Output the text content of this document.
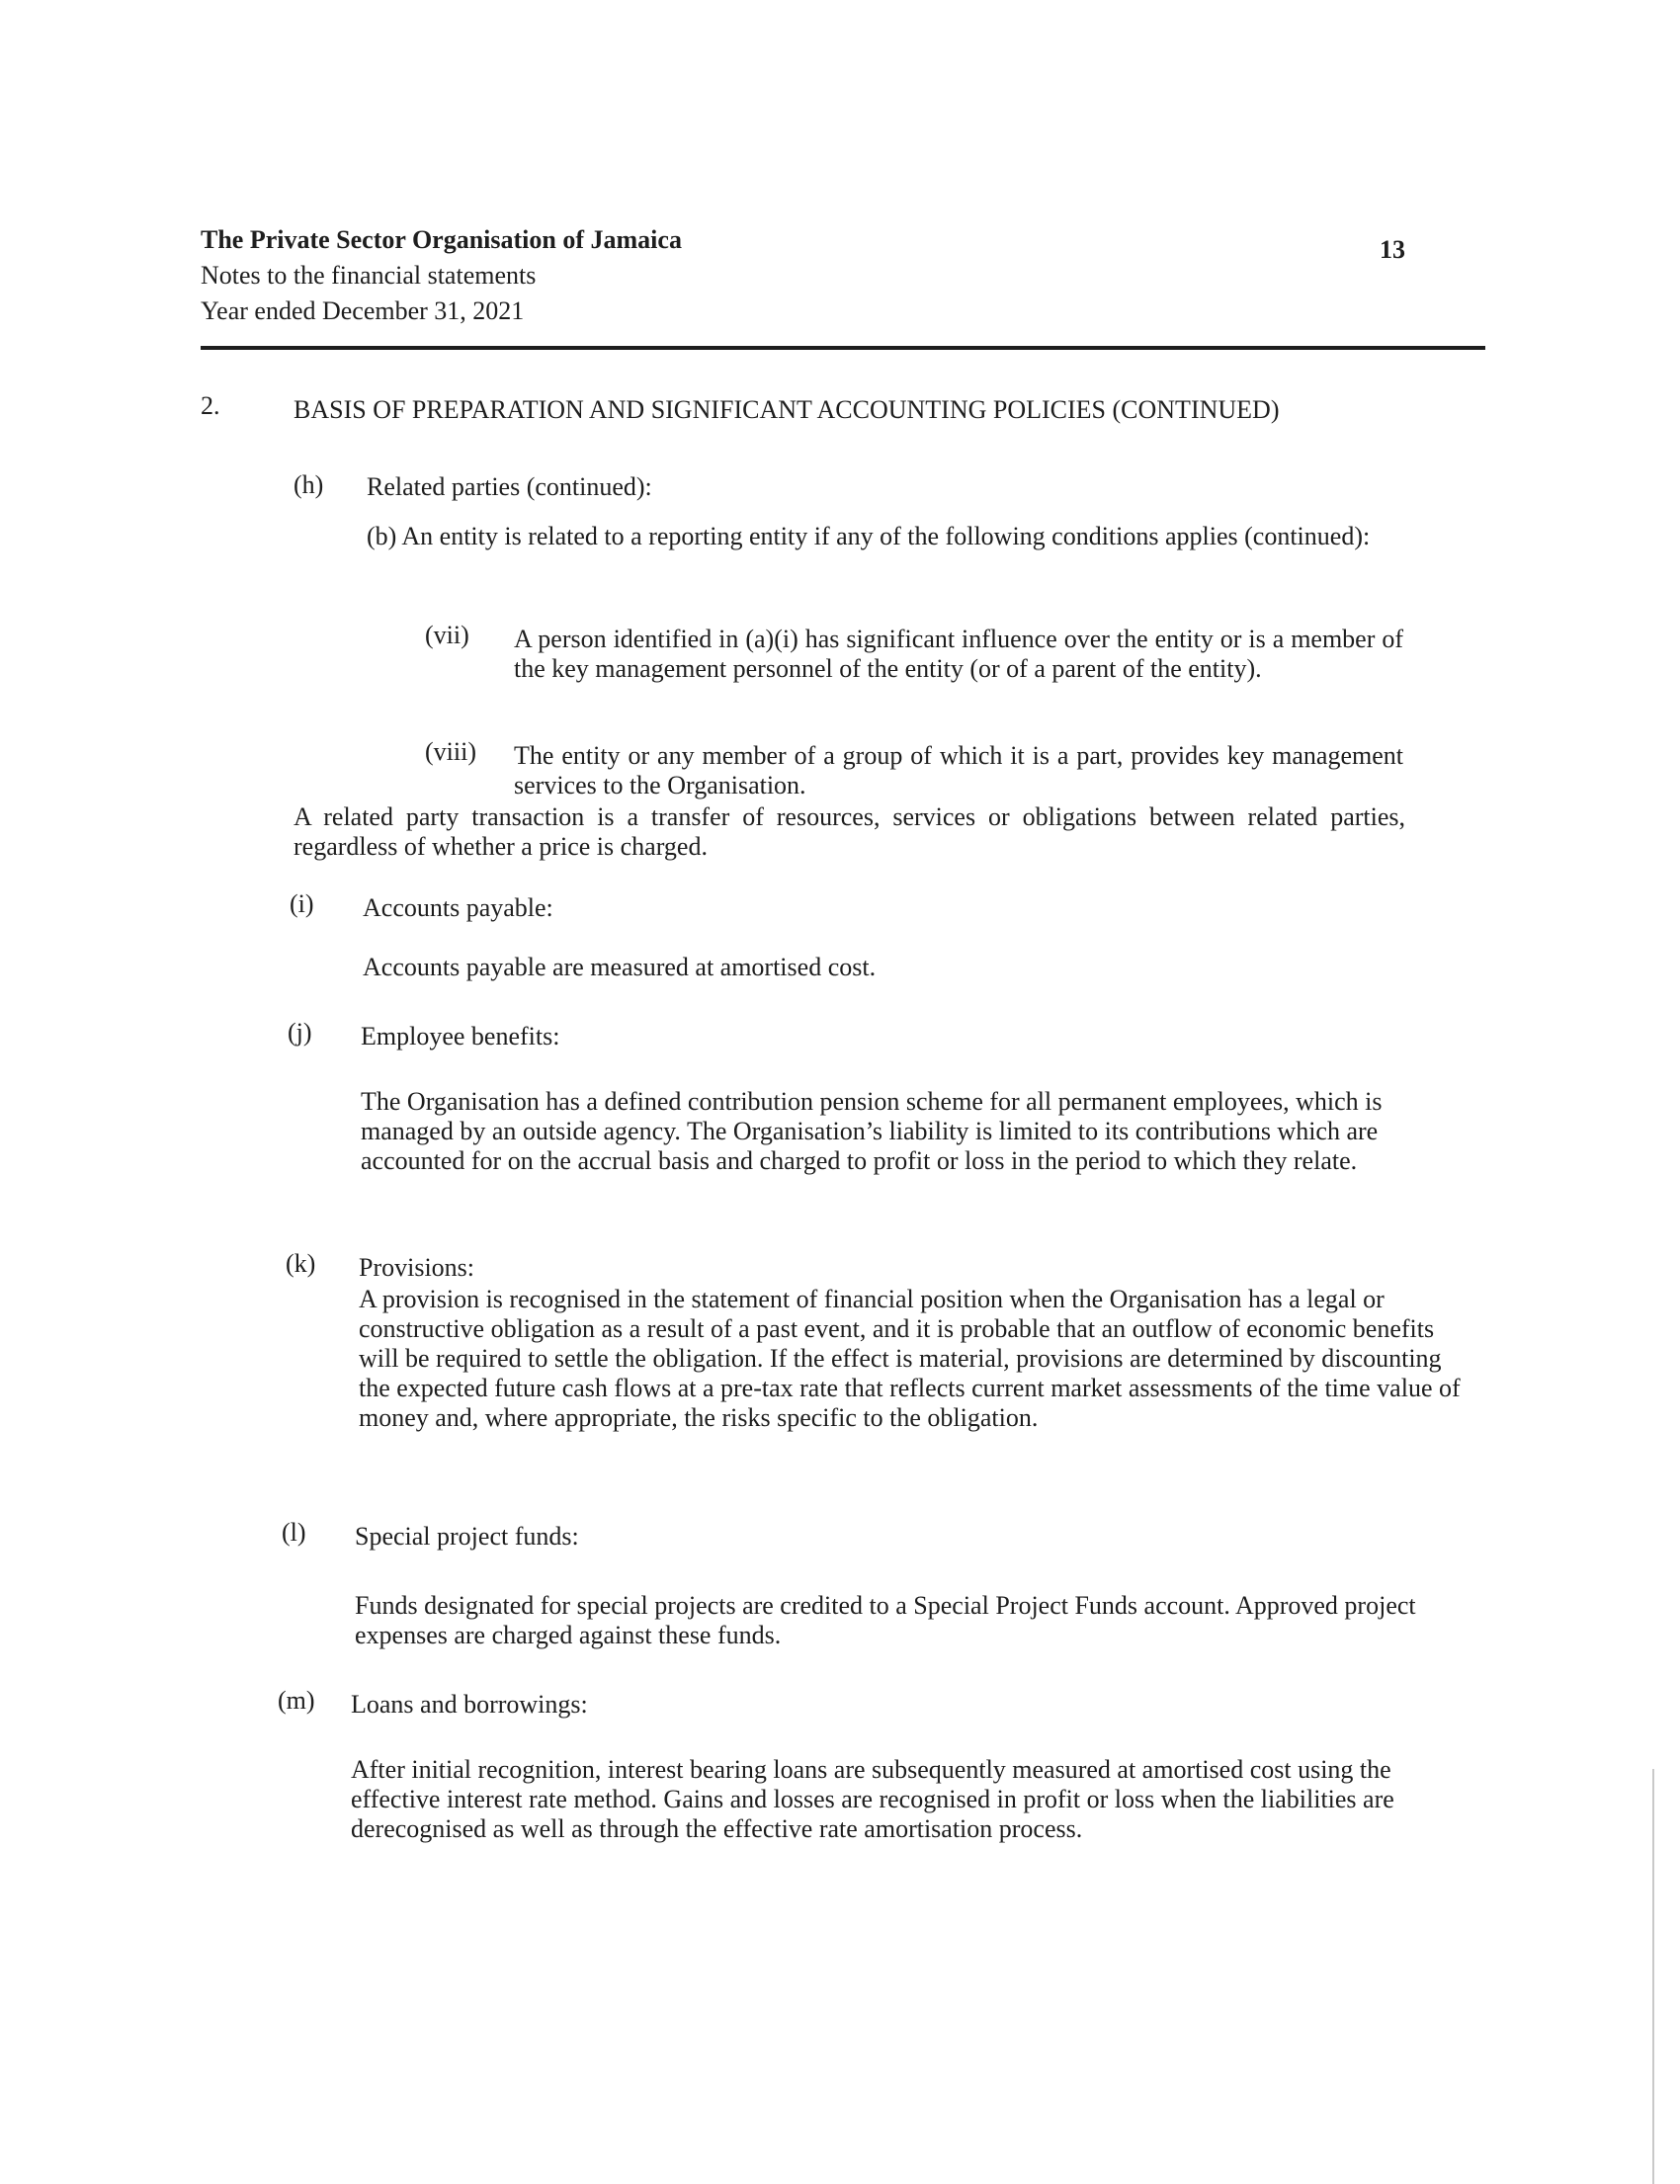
The Private Sector Organisation of Jamaica
Notes to the financial statements
Year ended December 31, 2021
13
2.	BASIS OF PREPARATION AND SIGNIFICANT ACCOUNTING POLICIES (CONTINUED)
(h) Related parties (continued):
(b) An entity is related to a reporting entity if any of the following conditions applies (continued):
(vii) A person identified in (a)(i) has significant influence over the entity or is a member of the key management personnel of the entity (or of a parent of the entity).
(viii) The entity or any member of a group of which it is a part, provides key management services to the Organisation.
A related party transaction is a transfer of resources, services or obligations between related parties, regardless of whether a price is charged.
(i) Accounts payable:
Accounts payable are measured at amortised cost.
(j) Employee benefits:
The Organisation has a defined contribution pension scheme for all permanent employees, which is managed by an outside agency. The Organisation’s liability is limited to its contributions which are accounted for on the accrual basis and charged to profit or loss in the period to which they relate.
(k) Provisions:
A provision is recognised in the statement of financial position when the Organisation has a legal or constructive obligation as a result of a past event, and it is probable that an outflow of economic benefits will be required to settle the obligation. If the effect is material, provisions are determined by discounting the expected future cash flows at a pre-tax rate that reflects current market assessments of the time value of money and, where appropriate, the risks specific to the obligation.
(l) Special project funds:
Funds designated for special projects are credited to a Special Project Funds account. Approved project expenses are charged against these funds.
(m) Loans and borrowings:
After initial recognition, interest bearing loans are subsequently measured at amortised cost using the effective interest rate method. Gains and losses are recognised in profit or loss when the liabilities are derecognised as well as through the effective rate amortisation process.
